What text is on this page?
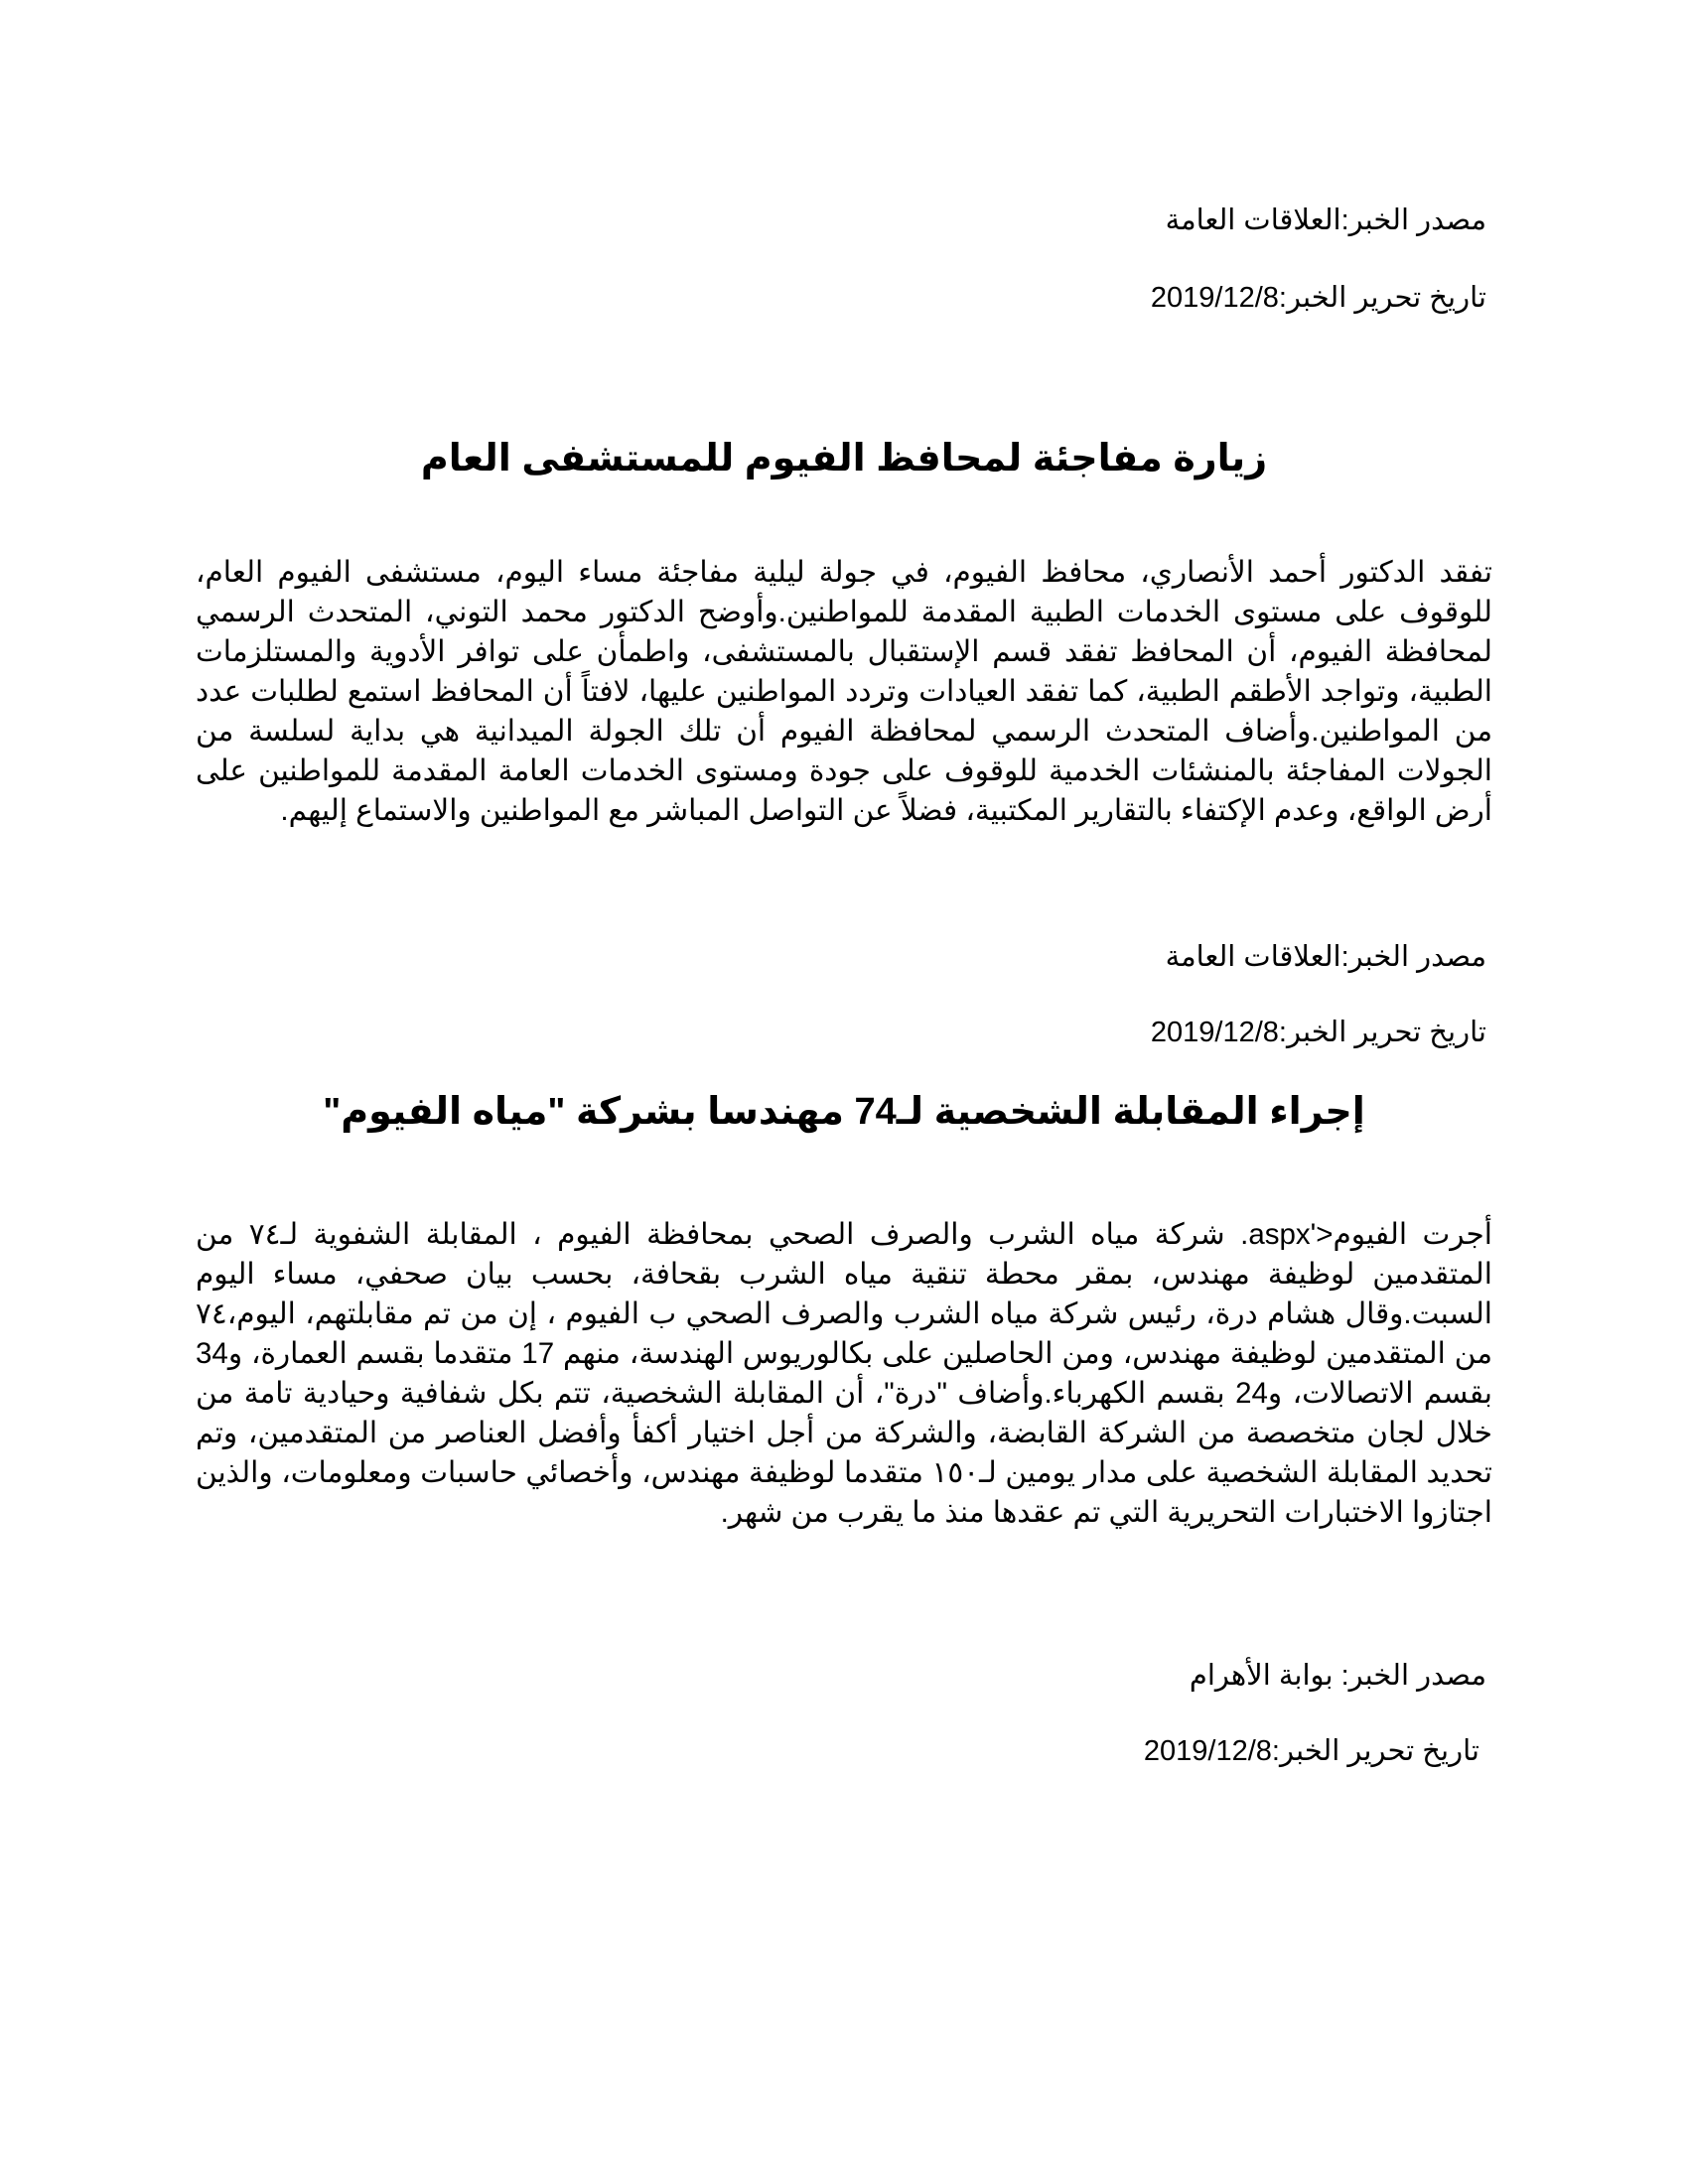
مصدر الخبر:العلاقات العامة
تاريخ تحرير الخبر:2019/12/8
زيارة مفاجئة لمحافظ الفيوم للمستشفى العام
تفقد الدكتور أحمد الأنصاري، محافظ الفيوم، في جولة ليلية مفاجئة مساء اليوم، مستشفى الفيوم العام، للوقوف على مستوى الخدمات الطبية المقدمة للمواطنين.وأوضح الدكتور محمد التوني، المتحدث الرسمي لمحافظة الفيوم، أن المحافظ تفقد قسم الإستقبال بالمستشفى، واطمأن على توافر الأدوية والمستلزمات الطبية، وتواجد الأطقم الطبية، كما تفقد العيادات وتردد المواطنين عليها، لافتاً أن المحافظ استمع لطلبات عدد من المواطنين.وأضاف المتحدث الرسمي لمحافظة الفيوم أن تلك الجولة الميدانية هي بداية لسلسة من الجولات المفاجئة بالمنشئات الخدمية للوقوف على جودة ومستوى الخدمات العامة المقدمة للمواطنين على أرض الواقع، وعدم الإكتفاء بالتقارير المكتبية، فضلاً عن التواصل المباشر مع المواطنين والاستماع إليهم.
مصدر الخبر:العلاقات العامة
تاريخ تحرير الخبر:2019/12/8
إجراء المقابلة الشخصية لـ74 مهندسا بشركة "مياه الفيوم"
أجرت الفيوم<'aspx. شركة مياه الشرب والصرف الصحي بمحافظة الفيوم ، المقابلة الشفوية لـ٧٤ من المتقدمين لوظيفة مهندس، بمقر محطة تنقية مياه الشرب بقحافة، بحسب بيان صحفي، مساء اليوم السبت.وقال هشام درة، رئيس شركة مياه الشرب والصرف الصحي ب الفيوم ، إن من تم مقابلتهم، اليوم،٧٤ من المتقدمين لوظيفة مهندس، ومن الحاصلين على بكالوريوس الهندسة، منهم 17 متقدما بقسم العمارة، و34 بقسم الاتصالات، و24 بقسم الكهرباء.وأضاف "درة"، أن المقابلة الشخصية، تتم بكل شفافية وحيادية تامة من خلال لجان متخصصة من الشركة القابضة، والشركة من أجل اختيار أكفأ وأفضل العناصر من المتقدمين، وتم تحديد المقابلة الشخصية على مدار يومين لـ١٥٠ متقدما لوظيفة مهندس، وأخصائي حاسبات ومعلومات، والذين اجتازوا الاختبارات التحريرية التي تم عقدها منذ ما يقرب من شهر.
مصدر الخبر: بوابة الأهرام
تاريخ تحرير الخبر:2019/12/8
